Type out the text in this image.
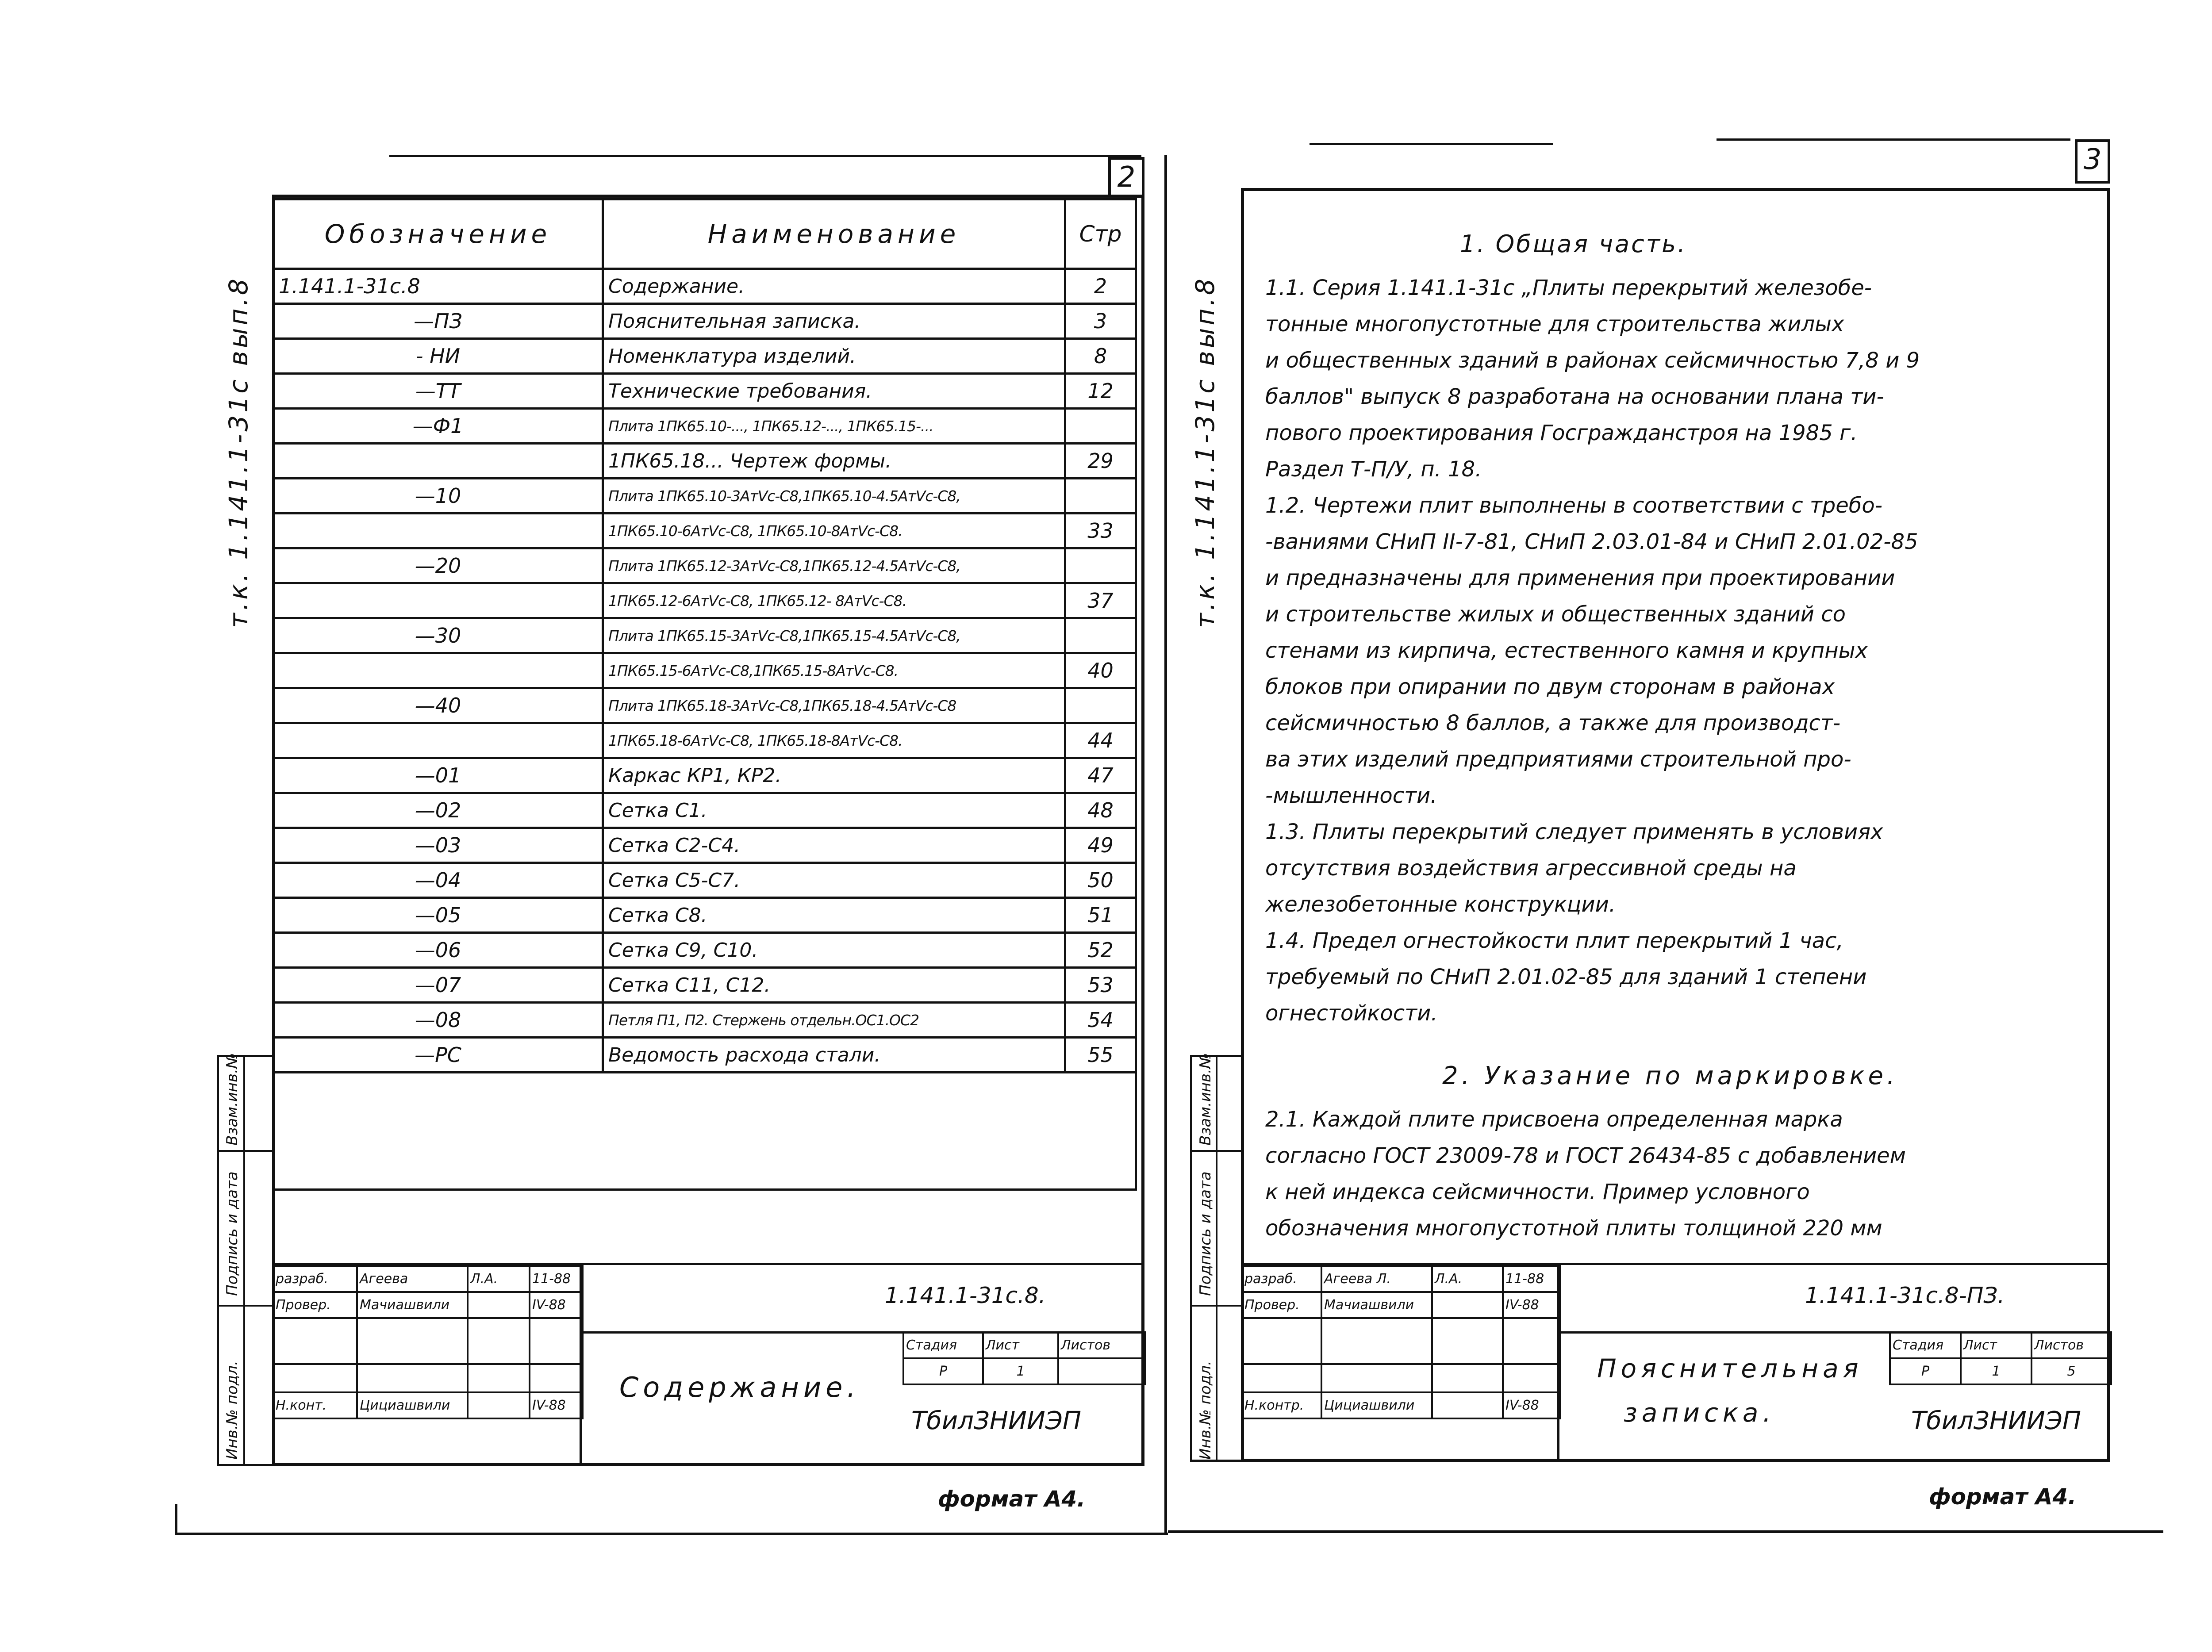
2
т.к. 1.141.1-31с вып.8
Обозначение	Наименование	Стр
1.141.1-31с.8	Содержание.	2
—ПЗ	Пояснительная записка.	3
- НИ	Номенклатура изделий.	8
—ТТ	Технические требования.	12
—Ф1	Плита 1ПК65.10-..., 1ПК65.12-..., 1ПК65.15-...	
	1ПК65.18... Чертеж формы.	29
—10	Плита 1ПК65.10-3АтVс-С8,1ПК65.10-4.5АтVс-С8,	
	1ПК65.10-6АтVс-С8, 1ПК65.10-8АтVс-С8.	33
—20	Плита 1ПК65.12-3АтVс-С8,1ПК65.12-4.5АтVс-С8,	
	1ПК65.12-6АтVс-С8, 1ПК65.12- 8АтVс-С8.	37
—30	Плита 1ПК65.15-3АтVс-С8,1ПК65.15-4.5АтVс-С8,	
	1ПК65.15-6АтVс-С8,1ПК65.15-8АтVс-С8.	40
—40	Плита 1ПК65.18-3АтVс-С8,1ПК65.18-4.5АтVс-С8	
	1ПК65.18-6АтVс-С8, 1ПК65.18-8АтVс-С8.	44
—01	Каркас КР1, КР2.	47
—02	Сетка С1.	48
—03	Сетка С2-С4.	49
—04	Сетка С5-С7.	50
—05	Сетка С8.	51
—06	Сетка С9, С10.	52
—07	Сетка С11, С12.	53
—08	Петля П1, П2. Стержень отдельн.ОС1.ОС2	54
—РС	Ведомость расхода стали.	55

разраб.	Агеева	Л.А.	11-88
Провер.	Мачиашвили		IV-88

Н.конт.	Цициашвили		IV-88
1.141.1-31с.8.
Содержание.
Стадия	Лист	Листов
Р	1	
ТбилЗНИИЭП
формат А4.
Взам.инв.№
Подпись и дата
Инв.№ подл.
3
т.к. 1.141.1-31с вып.8
1. Общая часть.

1.1. Серия 1.141.1-31с „Плиты перекрытий железобе-

тонные многопустотные для строительства жилых

и общественных зданий в районах сейсмичностью 7,8 и 9

баллов" выпуск 8 разработана на основании плана ти-

пового проектирования Госгражданстроя на 1985 г.

Раздел Т-П/У, п. 18.

1.2. Чертежи плит выполнены в соответствии с требо-

-ваниями СНиП II-7-81, СНиП 2.03.01-84 и СНиП 2.01.02-85

и предназначены для применения при проектировании

и строительстве жилых и общественных зданий со

стенами из кирпича, естественного камня и крупных

блоков при опирании по двум сторонам в районах

сейсмичностью 8 баллов, а также для производст-

ва этих изделий предприятиями строительной про-

-мышленности.

1.3. Плиты перекрытий следует применять в условиях

отсутствия воздействия агрессивной среды на

железобетонные конструкции.

1.4. Предел огнестойкости плит перекрытий 1 час,

требуемый по СНиП 2.01.02-85 для зданий 1 степени

огнестойкости.

2. Указание по маркировке.

2.1. Каждой плите присвоена определенная марка

согласно ГОСТ 23009-78 и ГОСТ 26434-85 с добавлением

к ней индекса сейсмичности. Пример условного

обозначения многопустотной плиты толщиной 220 мм

разраб.	Агеева Л.	Л.А.	11-88
Провер.	Мачиашвили		IV-88

Н.контр.	Цициашвили		IV-88
1.141.1-31с.8-ПЗ.
Пояснительная
записка.
Стадия	Лист	Листов
Р	1	5
ТбилЗНИИЭП
формат А4.
Взам.инв.№
Подпись и дата
Инв.№ подл.
